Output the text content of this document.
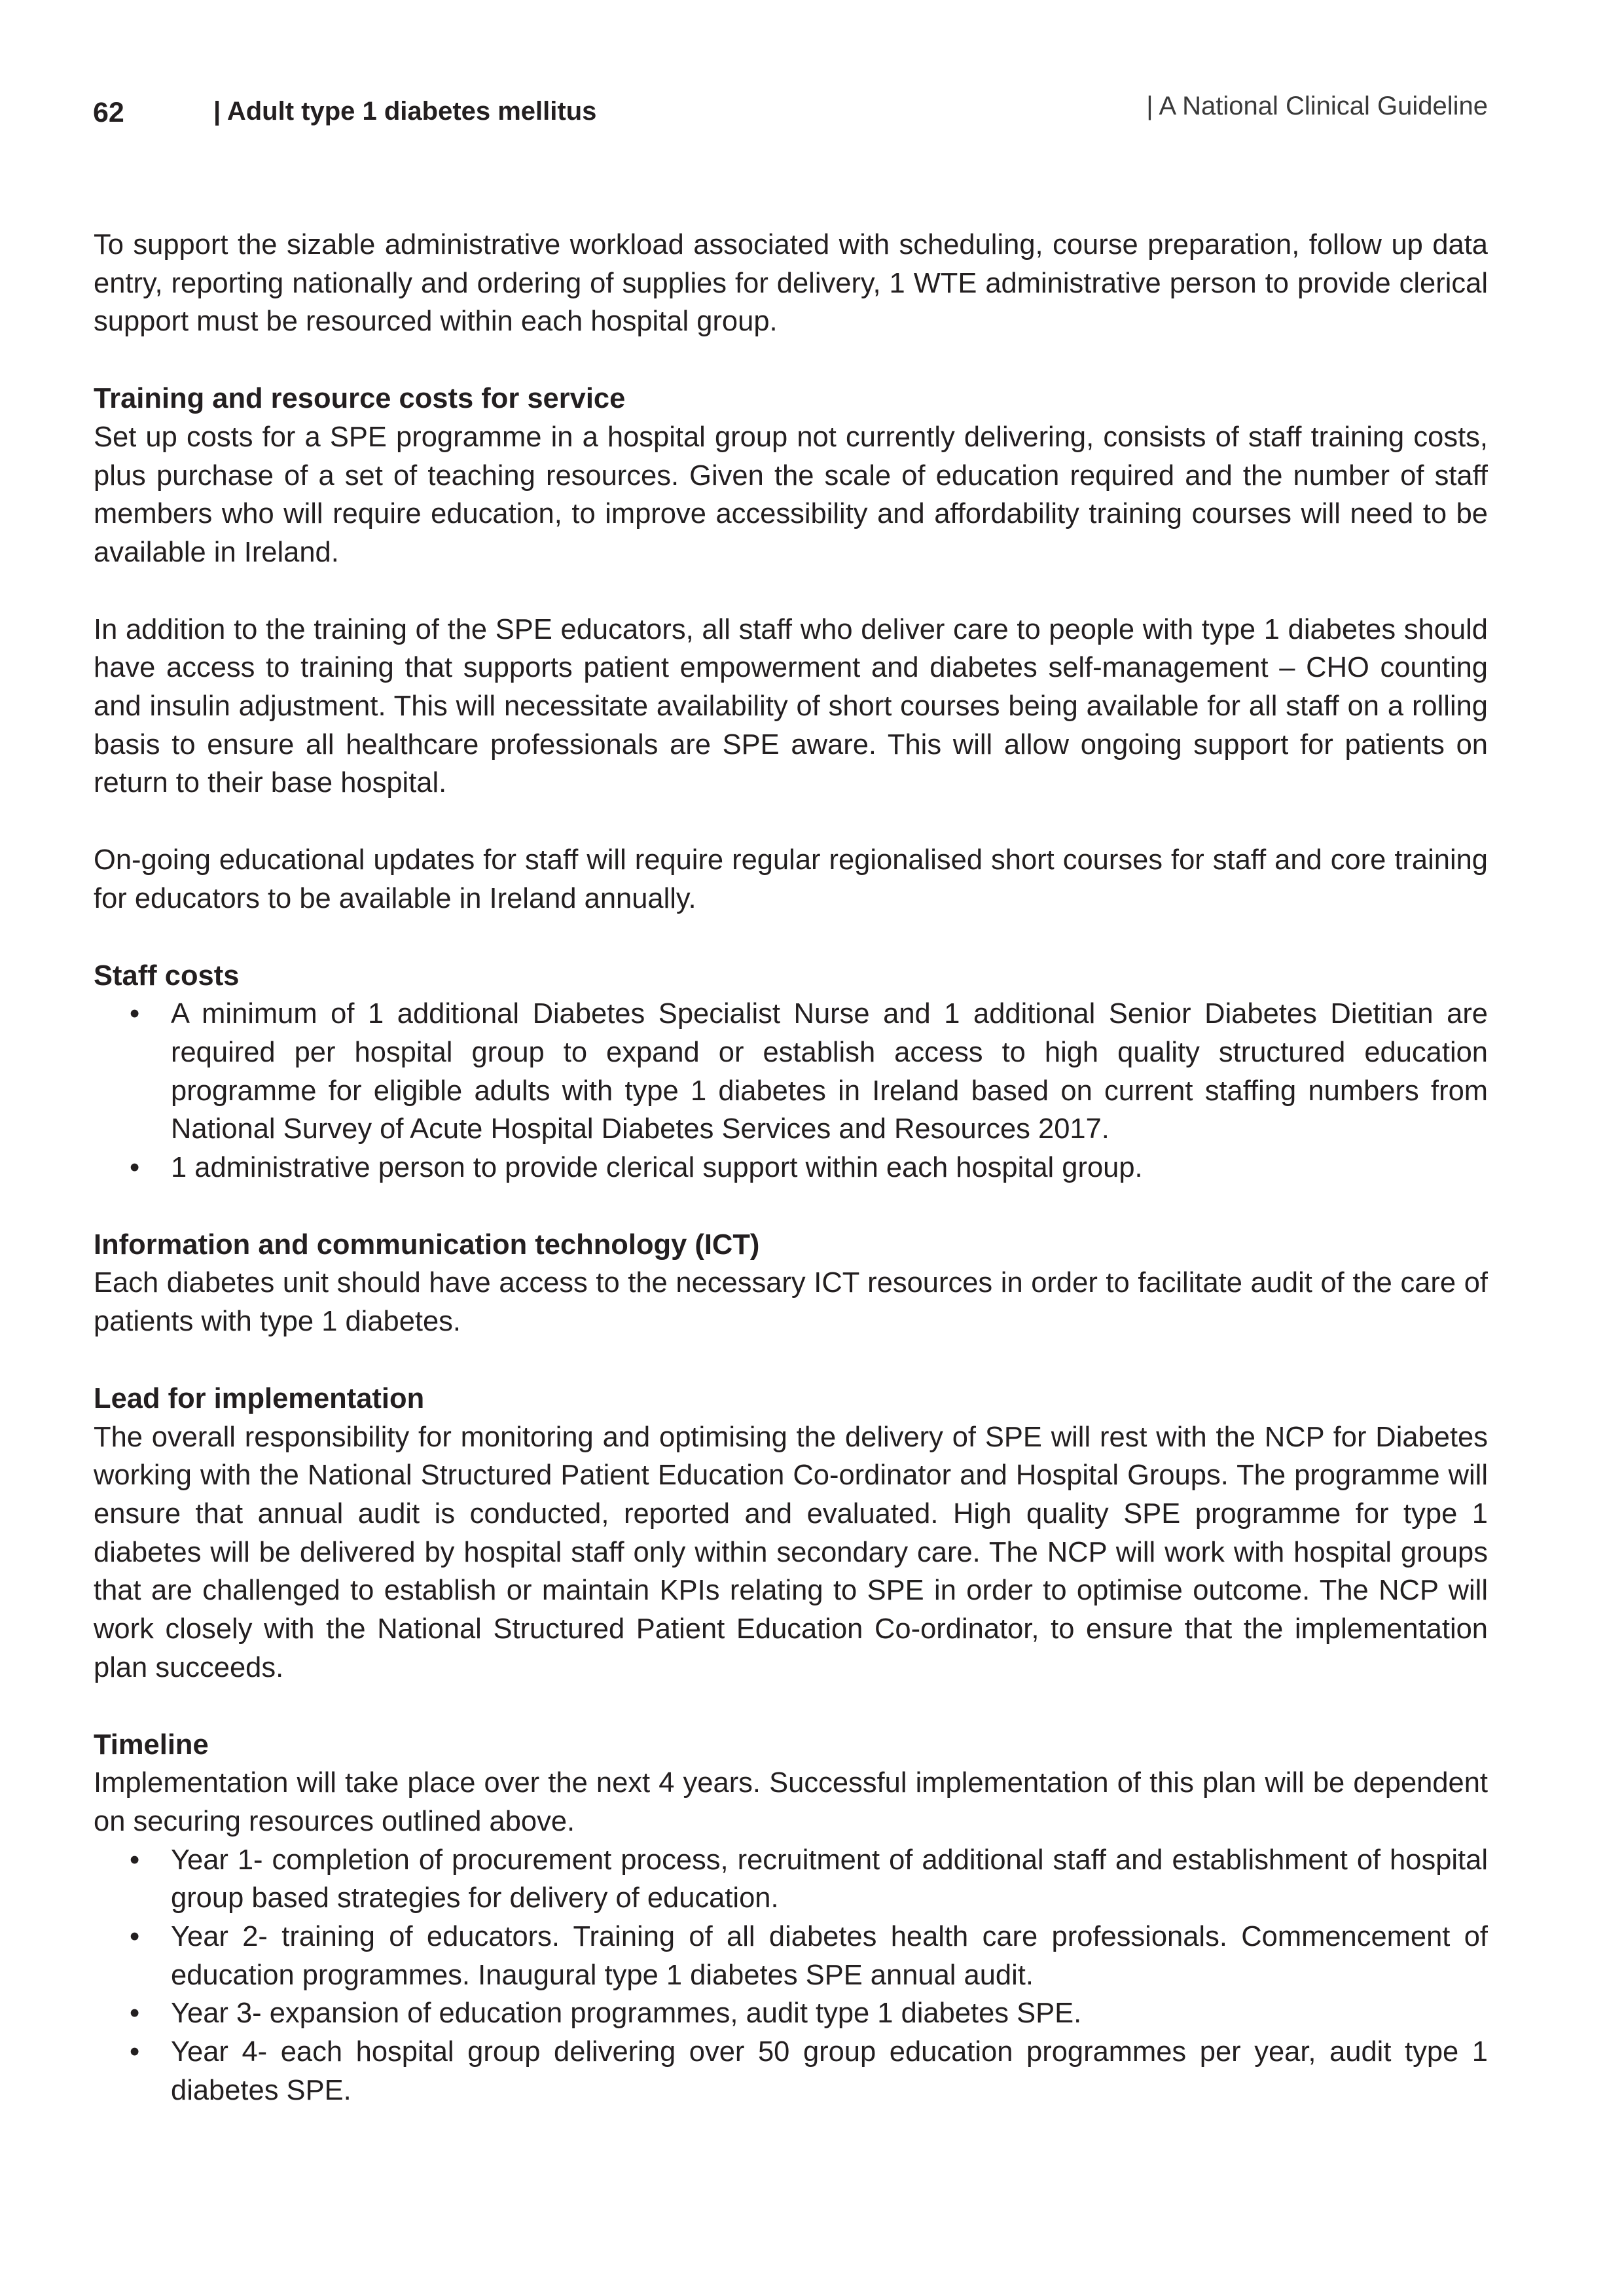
62	| Adult type 1 diabetes mellitus	| A National Clinical Guideline

To support the sizable administrative workload associated with scheduling, course preparation, follow up data entry, reporting nationally and ordering of supplies for delivery, 1 WTE administrative person to provide clerical support must be resourced within each hospital group.

Training and resource costs for service

Set up costs for a SPE programme in a hospital group not currently delivering, consists of staff training costs, plus purchase of a set of teaching resources. Given the scale of education required and the number of staff members who will require education, to improve accessibility and affordability training courses will need to be available in Ireland.

In addition to the training of the SPE educators, all staff who deliver care to people with type 1 diabetes should have access to training that supports patient empowerment and diabetes self-management – CHO counting and insulin adjustment. This will necessitate availability of short courses being available for all staff on a rolling basis to ensure all healthcare professionals are SPE aware. This will allow ongoing support for patients on return to their base hospital.

On-going educational updates for staff will require regular regionalised short courses for staff and core training for educators to be available in Ireland annually.

Staff costs

• A minimum of 1 additional Diabetes Specialist Nurse and 1 additional Senior Diabetes Dietitian are required per hospital group to expand or establish access to high quality structured education programme for eligible adults with type 1 diabetes in Ireland based on current staffing numbers from National Survey of Acute Hospital Diabetes Services and Resources 2017.
• 1 administrative person to provide clerical support within each hospital group.

Information and communication technology (ICT)

Each diabetes unit should have access to the necessary ICT resources in order to facilitate audit of the care of patients with type 1 diabetes.

Lead for implementation

The overall responsibility for monitoring and optimising the delivery of SPE will rest with the NCP for Diabetes working with the National Structured Patient Education Co-ordinator and Hospital Groups. The programme will ensure that annual audit is conducted, reported and evaluated. High quality SPE programme for type 1 diabetes will be delivered by hospital staff only within secondary care. The NCP will work with hospital groups that are challenged to establish or maintain KPIs relating to SPE in order to optimise outcome. The NCP will work closely with the National Structured Patient Education Co-ordinator, to ensure that the implementation plan succeeds.

Timeline

Implementation will take place over the next 4 years. Successful implementation of this plan will be dependent on securing resources outlined above.

• Year 1- completion of procurement process, recruitment of additional staff and establishment of hospital group based strategies for delivery of education.
• Year 2- training of educators. Training of all diabetes health care professionals. Commencement of education programmes. Inaugural type 1 diabetes SPE annual audit.
• Year 3- expansion of education programmes, audit type 1 diabetes SPE.
• Year 4- each hospital group delivering over 50 group education programmes per year, audit type 1 diabetes SPE.
